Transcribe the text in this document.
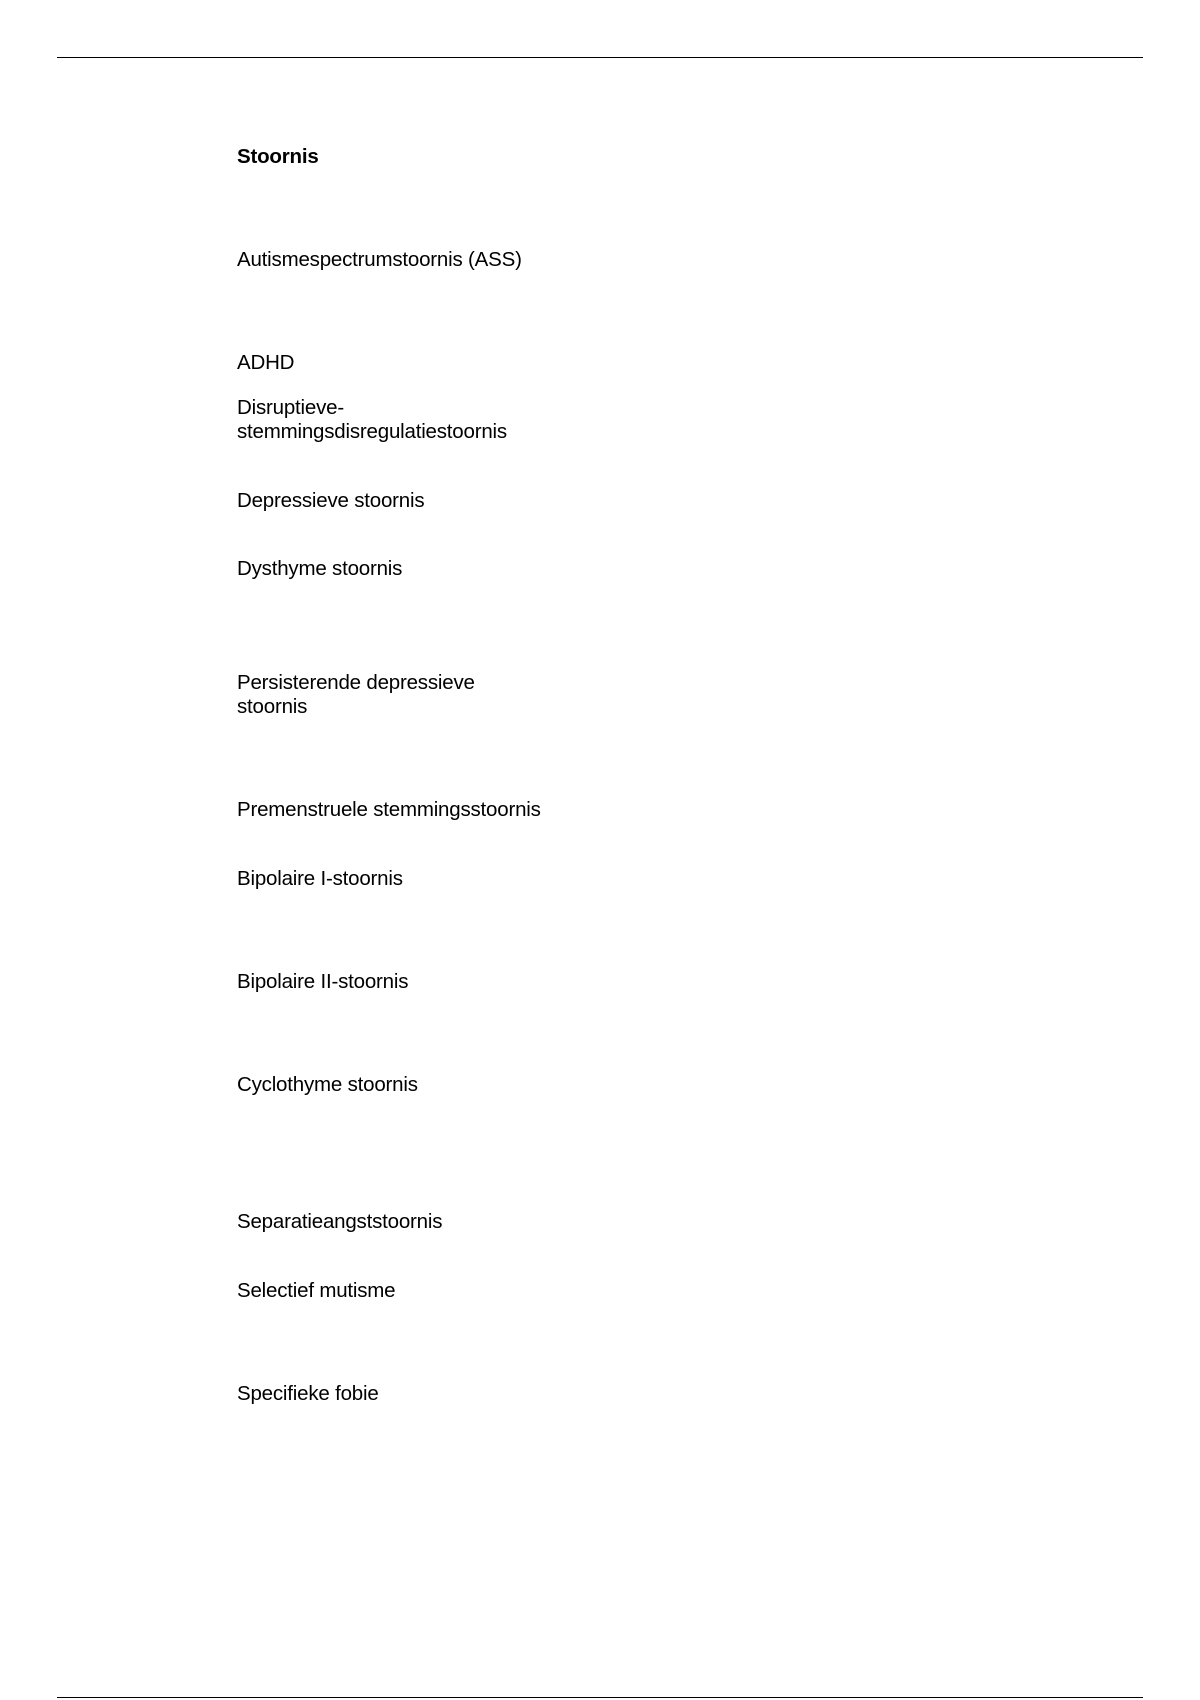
Stoornis
Autismespectrumstoornis (ASS)
ADHD
Disruptieve-
stemmingsdisregulatiestoornis
Depressieve stoornis
Dysthyme stoornis
Persisterende depressieve
stoornis
Premenstruele stemmingsstoornis
Bipolaire I-stoornis
Bipolaire II-stoornis
Cyclothyme stoornis
Separatieangststoornis
Selectief mutisme
Specifieke fobie
